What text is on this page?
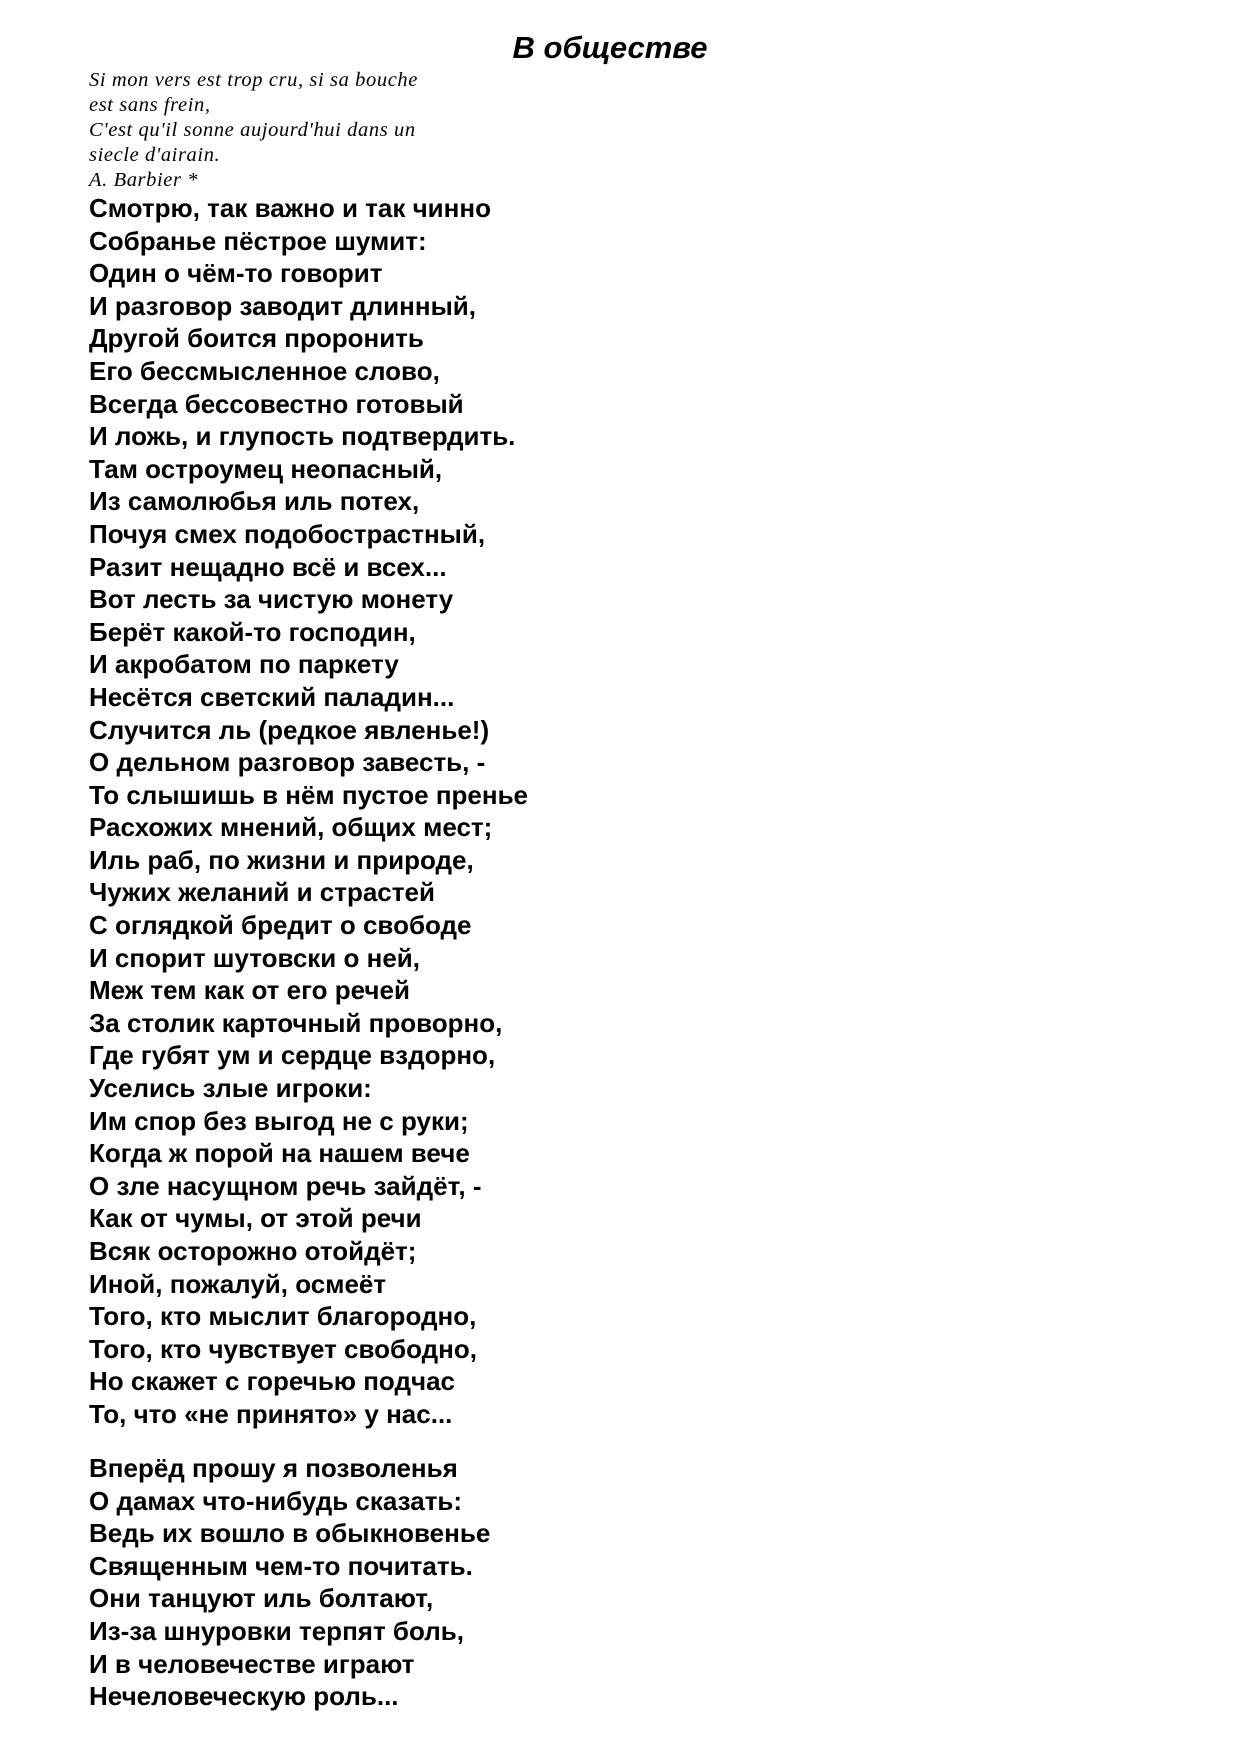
В обществе
Si mon vers est trop cru, si sa bouche
est sans frein,
C'est qu'il sonne aujourd'hui dans un
siecle d'airain.
A. Barbier *
Смотрю, так важно и так чинно
Собранье пёстрое шумит:
Один о чём-то говорит
И разговор заводит длинный,
Другой боится проронить
Его бессмысленное слово,
Всегда бессовестно готовый
И ложь, и глупость подтвердить.
Там остроумец неопасный,
Из самолюбья иль потех,
Почуя смех подобострастный,
Разит нещадно всё и всех...
Вот лесть за чистую монету
Берёт какой-то господин,
И акробатом по паркету
Несётся светский паладин...
Случится ль (редкое явленье!)
О дельном разговор завесть, -
То слышишь в нём пустое пренье
Расхожих мнений, общих мест;
Иль раб, по жизни и природе,
Чужих желаний и страстей
С оглядкой бредит о свободе
И спорит шутовски о ней,
Меж тем как от его речей
За столик карточный проворно,
Где губят ум и сердце вздорно,
Уселись злые игроки:
Им спор без выгод не с руки;
Когда ж порой на нашем вече
О зле насущном речь зайдёт, -
Как от чумы, от этой речи
Всяк осторожно отойдёт;
Иной, пожалуй, осмеёт
Того, кто мыслит благородно,
Того, кто чувствует свободно,
Но скажет с горечью подчас
То, что «не принято» у нас...
Вперёд прошу я позволенья
О дамах что-нибудь сказать:
Ведь их вошло в обыкновенье
Священным чем-то почитать.
Они танцуют иль болтают,
Из-за шнуровки терпят боль,
И в человечестве играют
Нечеловеческую роль...
